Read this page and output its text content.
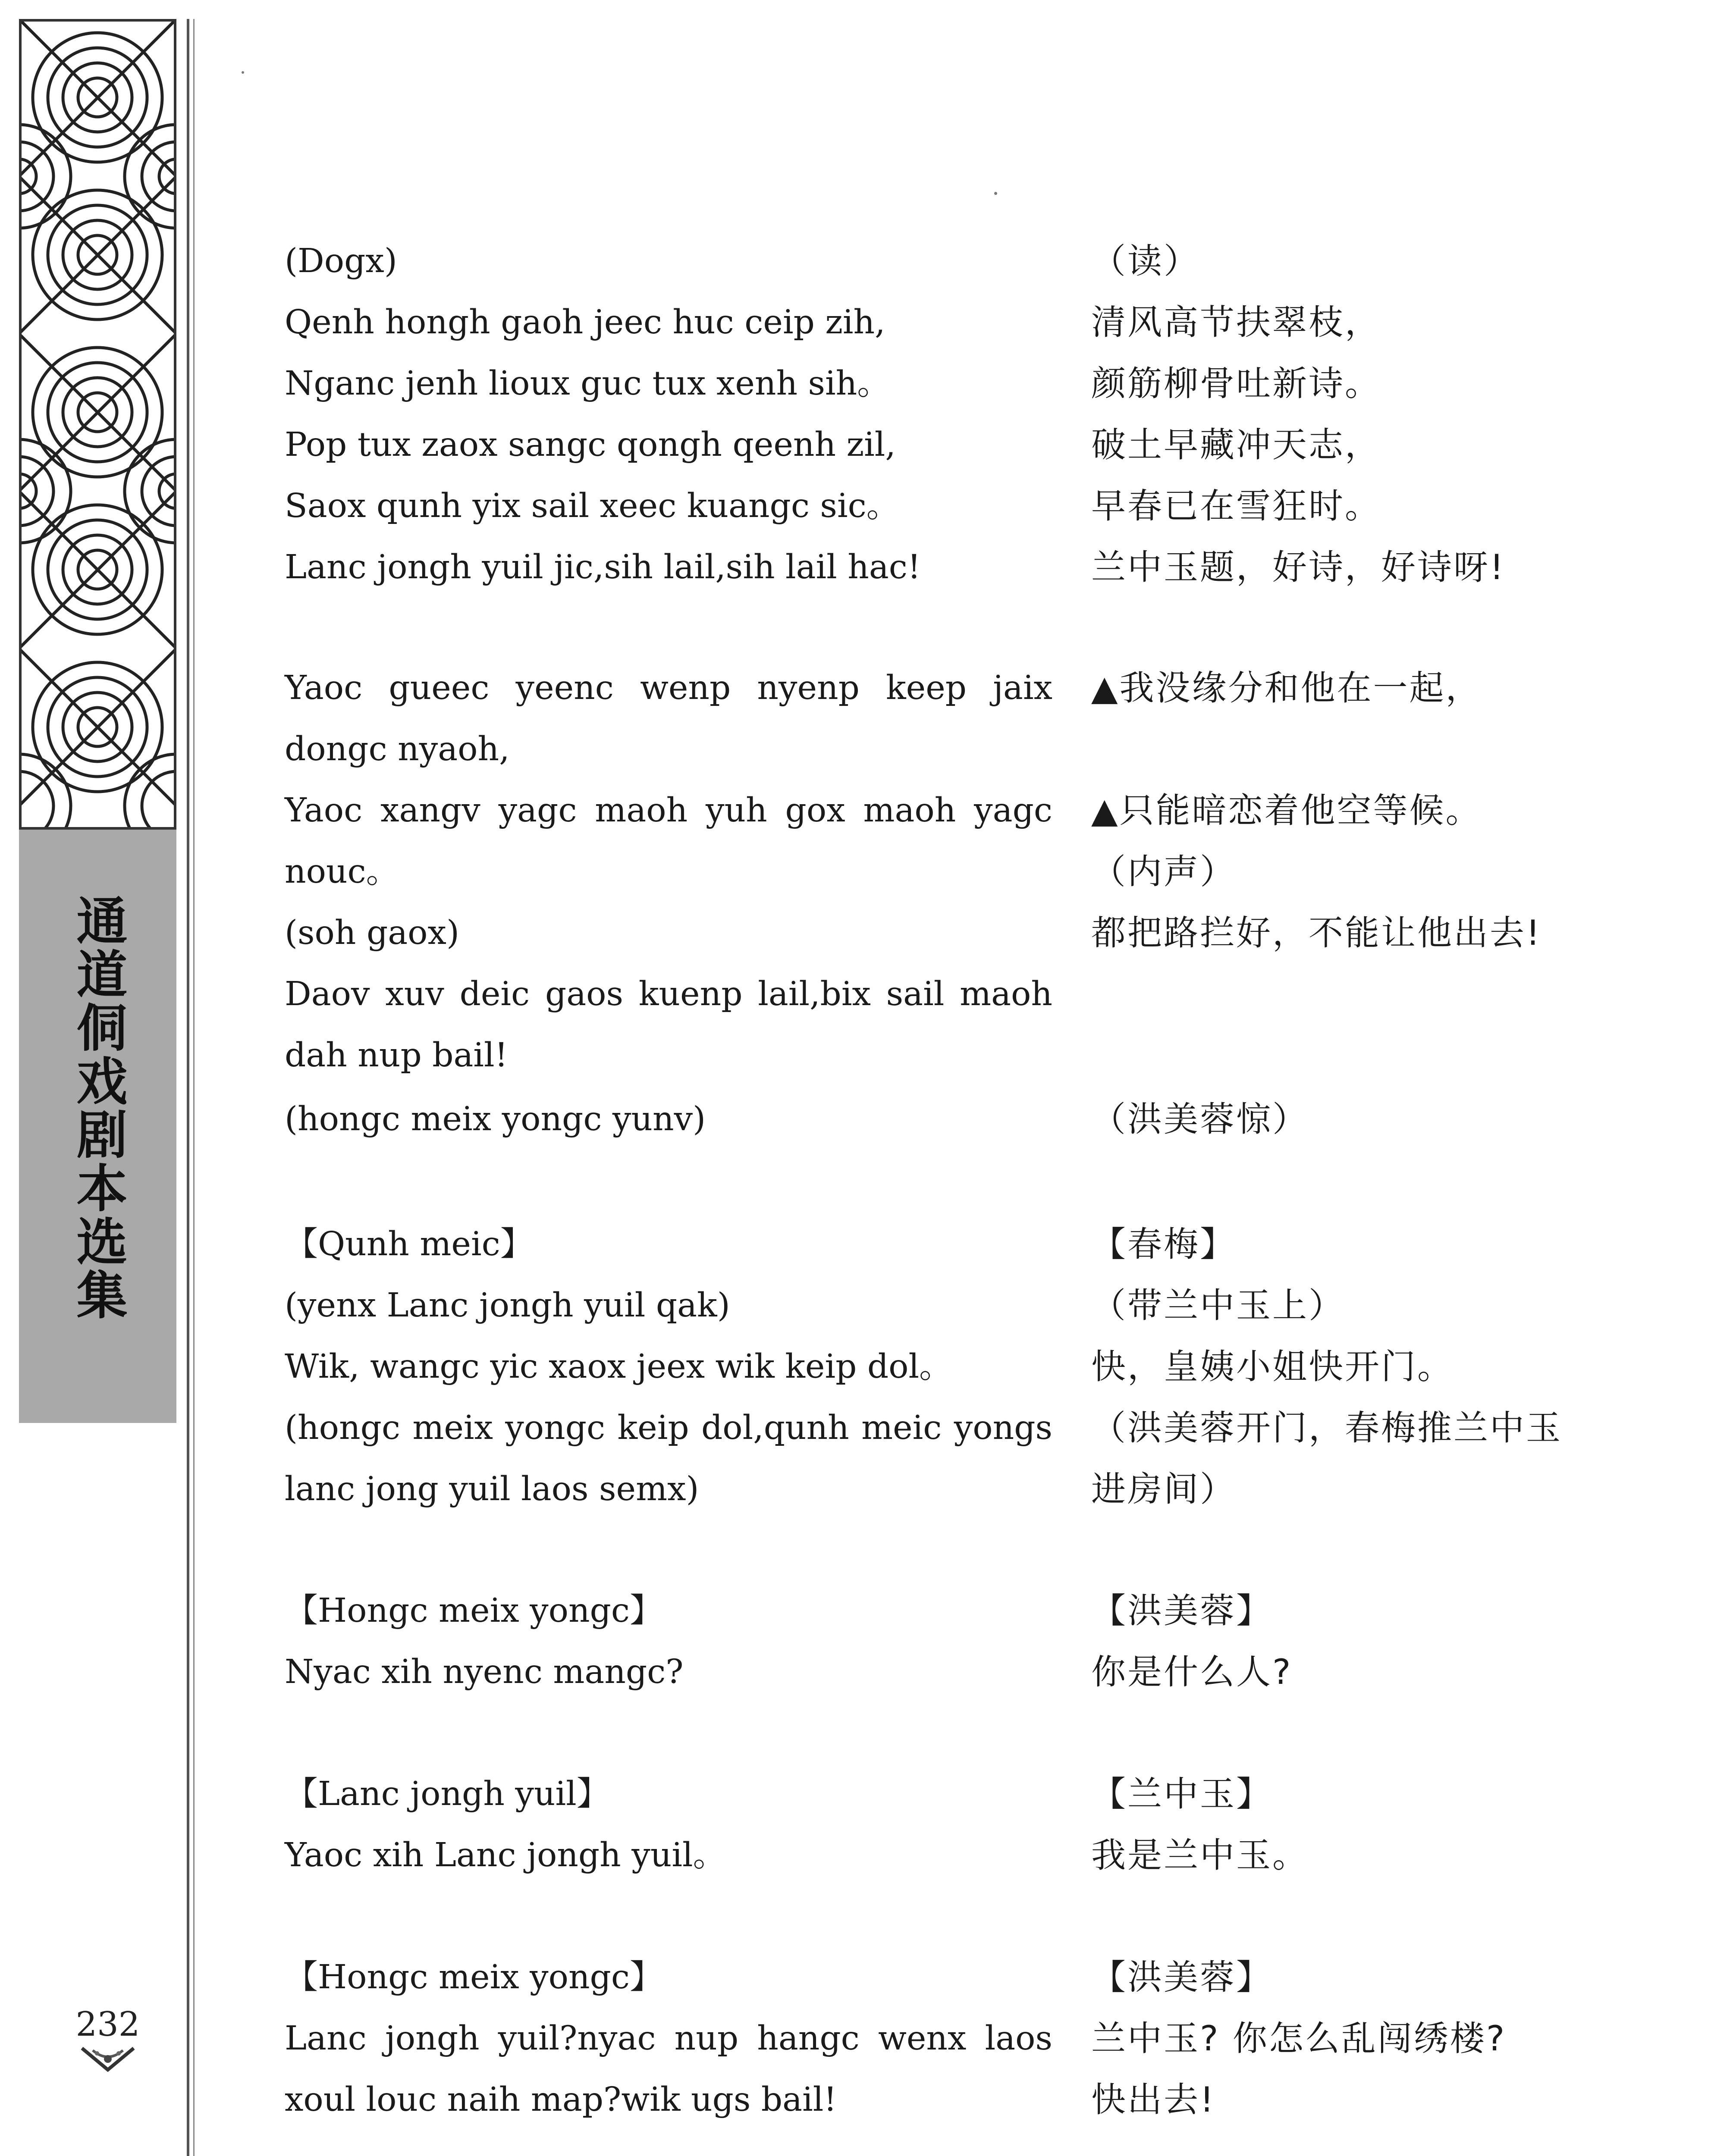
通道侗戏剧本选集
232
(Dogx)
Qenh hongh gaoh jeec huc ceip zih,
Nganc jenh lioux guc tux xenh sih。
Pop tux zaox sangc qongh qeenh zil,
Saox qunh yix sail xeec kuangc sic。
Lanc jongh yuil jic,sih lail,sih lail hac!
（读）
清风高节扶翠枝，
颜筋柳骨吐新诗。
破土早藏冲天志，
早春已在雪狂时。
兰中玉题，好诗，好诗呀!
Yaoc gueec yeenc wenp nyenp keep jaix dongc nyaoh,
Yaoc xangv yagc maoh yuh gox maoh yagc nouc。
(soh gaox)
Daov xuv deic gaos kuenp lail,bix sail maoh dah nup bail!
▲我没缘分和他在一起，

▲只能暗恋着他空等候。
（内声）
都把路拦好，不能让他出去!
(hongc meix yongc yunv)	（洪美蓉惊）
【Qunh meic】
(yenx Lanc jongh yuil qak)
Wik, wangc yic xaox jeex wik keip dol。
(hongc meix yongc keip dol,qunh meic yongs lanc jong yuil laos semx)
【春梅】
（带兰中玉上）
快，皇姨小姐快开门。
（洪美蓉开门，春梅推兰中玉进房间）
【Hongc meix yongc】
Nyac xih nyenc mangc?
【洪美蓉】
你是什么人?
【Lanc jongh yuil】
Yaoc xih Lanc jongh yuil。
【兰中玉】
我是兰中玉。
【Hongc meix yongc】
Lanc jongh yuil?nyac nup hangc wenx laos xoul louc naih map?wik ugs bail!
【洪美蓉】
兰中玉? 你怎么乱闯绣楼?
快出去!
